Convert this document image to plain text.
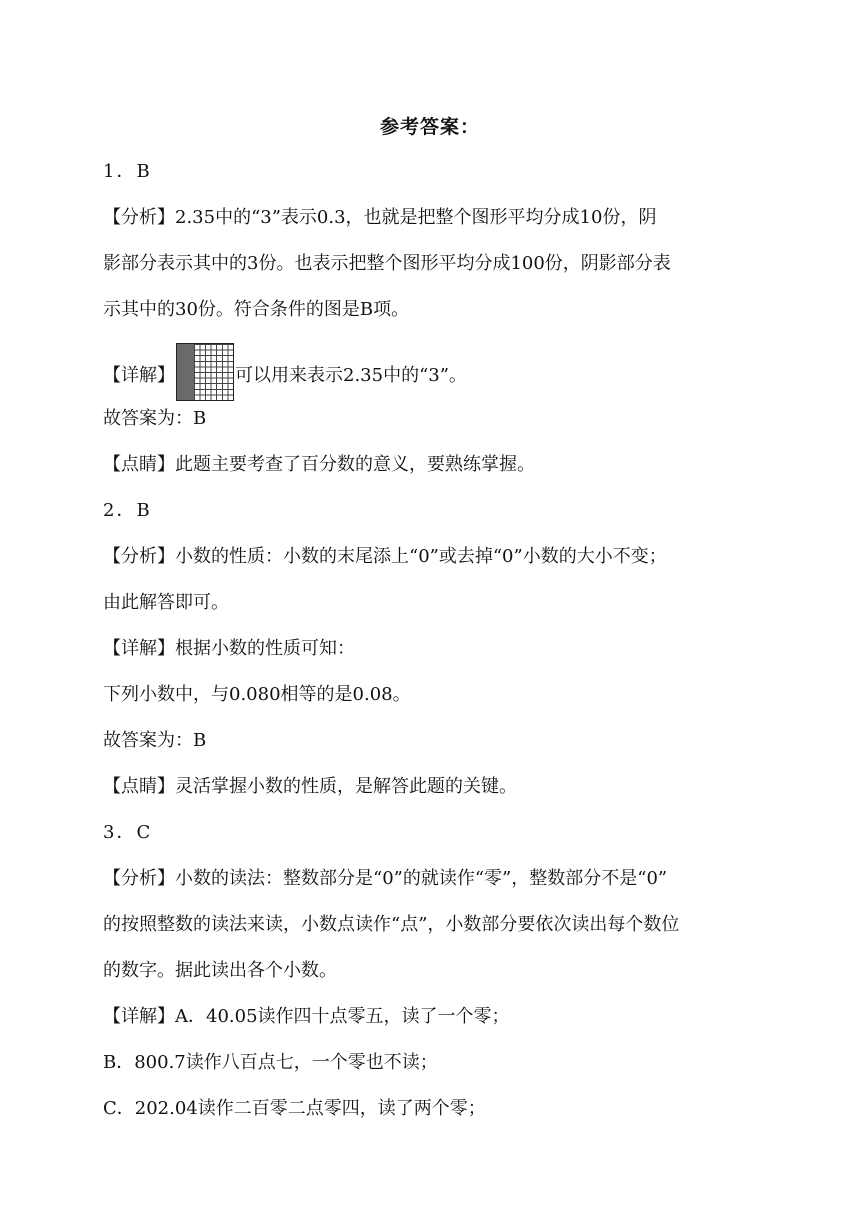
参考答案：
1．B
【分析】2.35中的“3”表示0.3，也就是把整个图形平均分成10份，阴
影部分表示其中的3份。也表示把整个图形平均分成100份，阴影部分表
示其中的30份。符合条件的图是B项。
【详解】	可以用来表示2.35中的“3”。
故答案为：B
【点睛】此题主要考查了百分数的意义，要熟练掌握。
2．B
【分析】小数的性质：小数的末尾添上“0”或去掉“0”小数的大小不变；
由此解答即可。
【详解】根据小数的性质可知：
下列小数中，与0.080相等的是0.08。
故答案为：B
【点睛】灵活掌握小数的性质，是解答此题的关键。
3．C
【分析】小数的读法：整数部分是“0”的就读作“零”，整数部分不是“0”
的按照整数的读法来读，小数点读作“点”，小数部分要依次读出每个数位
的数字。据此读出各个小数。
【详解】A．40.05读作四十点零五，读了一个零；
B．800.7读作八百点七，一个零也不读；
C．202.04读作二百零二点零四，读了两个零；
